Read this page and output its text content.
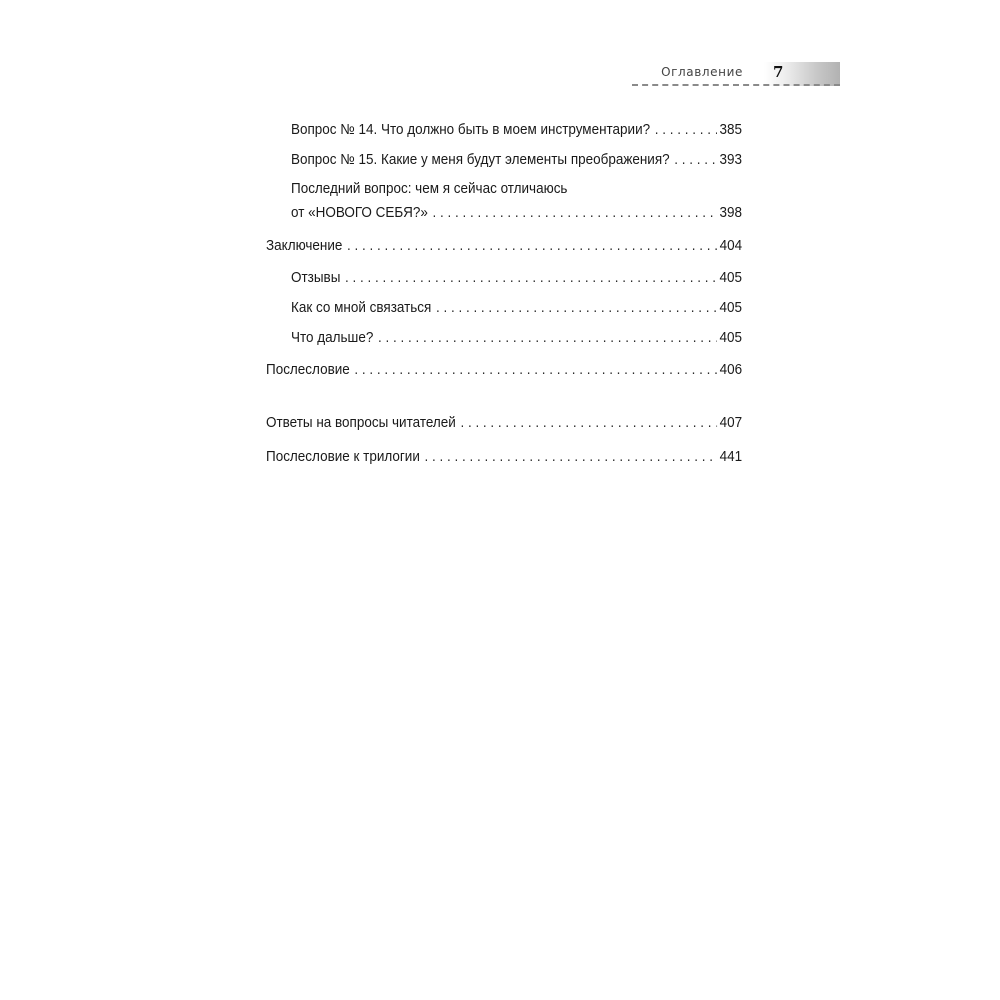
Оглавление 7
Вопрос № 14. Что должно быть в моем инструментарии? . . .	385
Вопрос № 15. Какие у меня будут элементы преображения? . . .	393
Последний вопрос: чем я сейчас отличаюсь
от «НОВОГО СЕБЯ?» . . .	398
Заключение . . .	404
Отзывы . . .	405
Как со мной связаться . . .	405
Что дальше? . . .	405
Послесловие . . .	406
Ответы на вопросы читателей . . .	407
Послесловие к трилогии . . .	441
